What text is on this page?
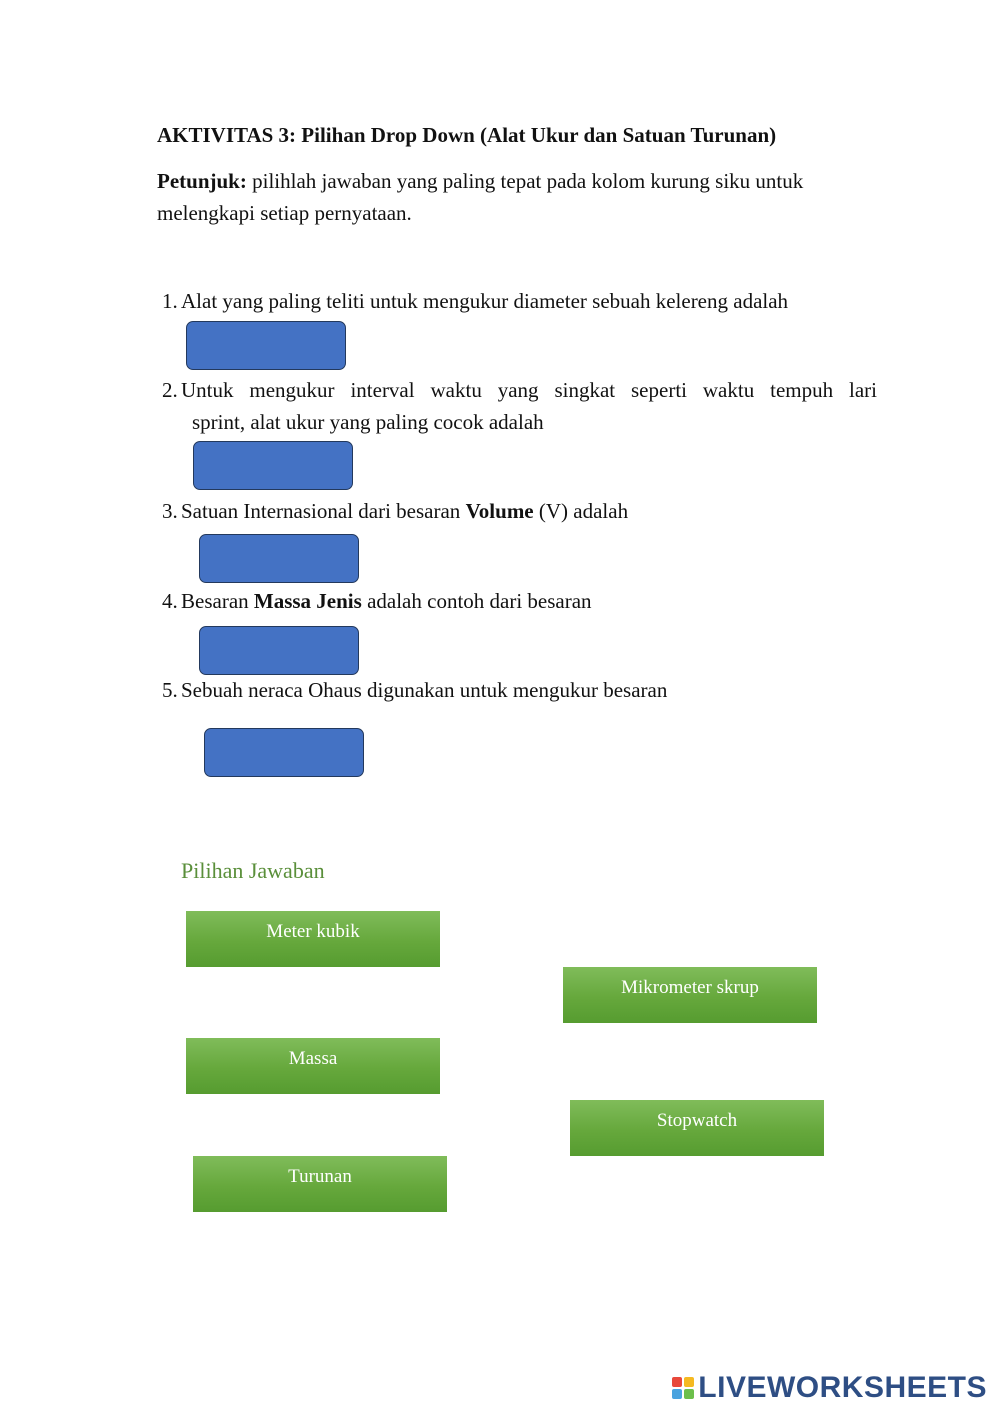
AKTIVITAS 3: Pilihan Drop Down (Alat Ukur dan Satuan Turunan)
Petunjuk: pilihlah jawaban yang paling tepat pada kolom kurung siku untuk melengkapi setiap pernyataan.
1. Alat yang paling teliti untuk mengukur diameter sebuah kelereng adalah
2. Untuk mengukur interval waktu yang singkat seperti waktu tempuh lari
sprint, alat ukur yang paling cocok adalah
3. Satuan Internasional dari besaran Volume (V) adalah
4. Besaran Massa Jenis adalah contoh dari besaran
5. Sebuah neraca Ohaus digunakan untuk mengukur besaran
Pilihan Jawaban
Meter kubik
Mikrometer skrup
Massa
Stopwatch
Turunan
LIVEWORKSHEETS
